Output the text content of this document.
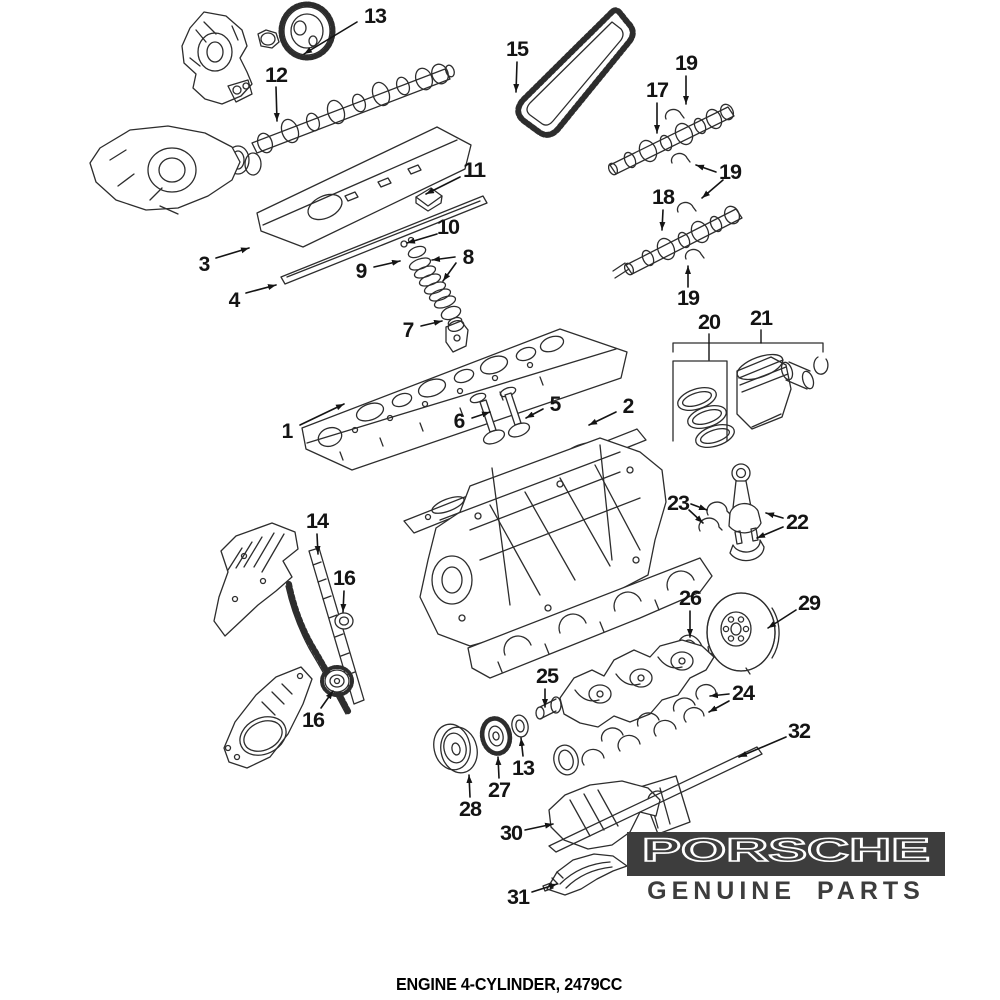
13
12
3
4
11
10
9
8
7
15
17
19
19
18
19
20 21
1	6
5	2
23
22
14
16
16
26	29
25
24
32
13
27
28
30
31
PORSCHE
GENUINE PARTS
ENGINE 4-CYLINDER, 2479CC
